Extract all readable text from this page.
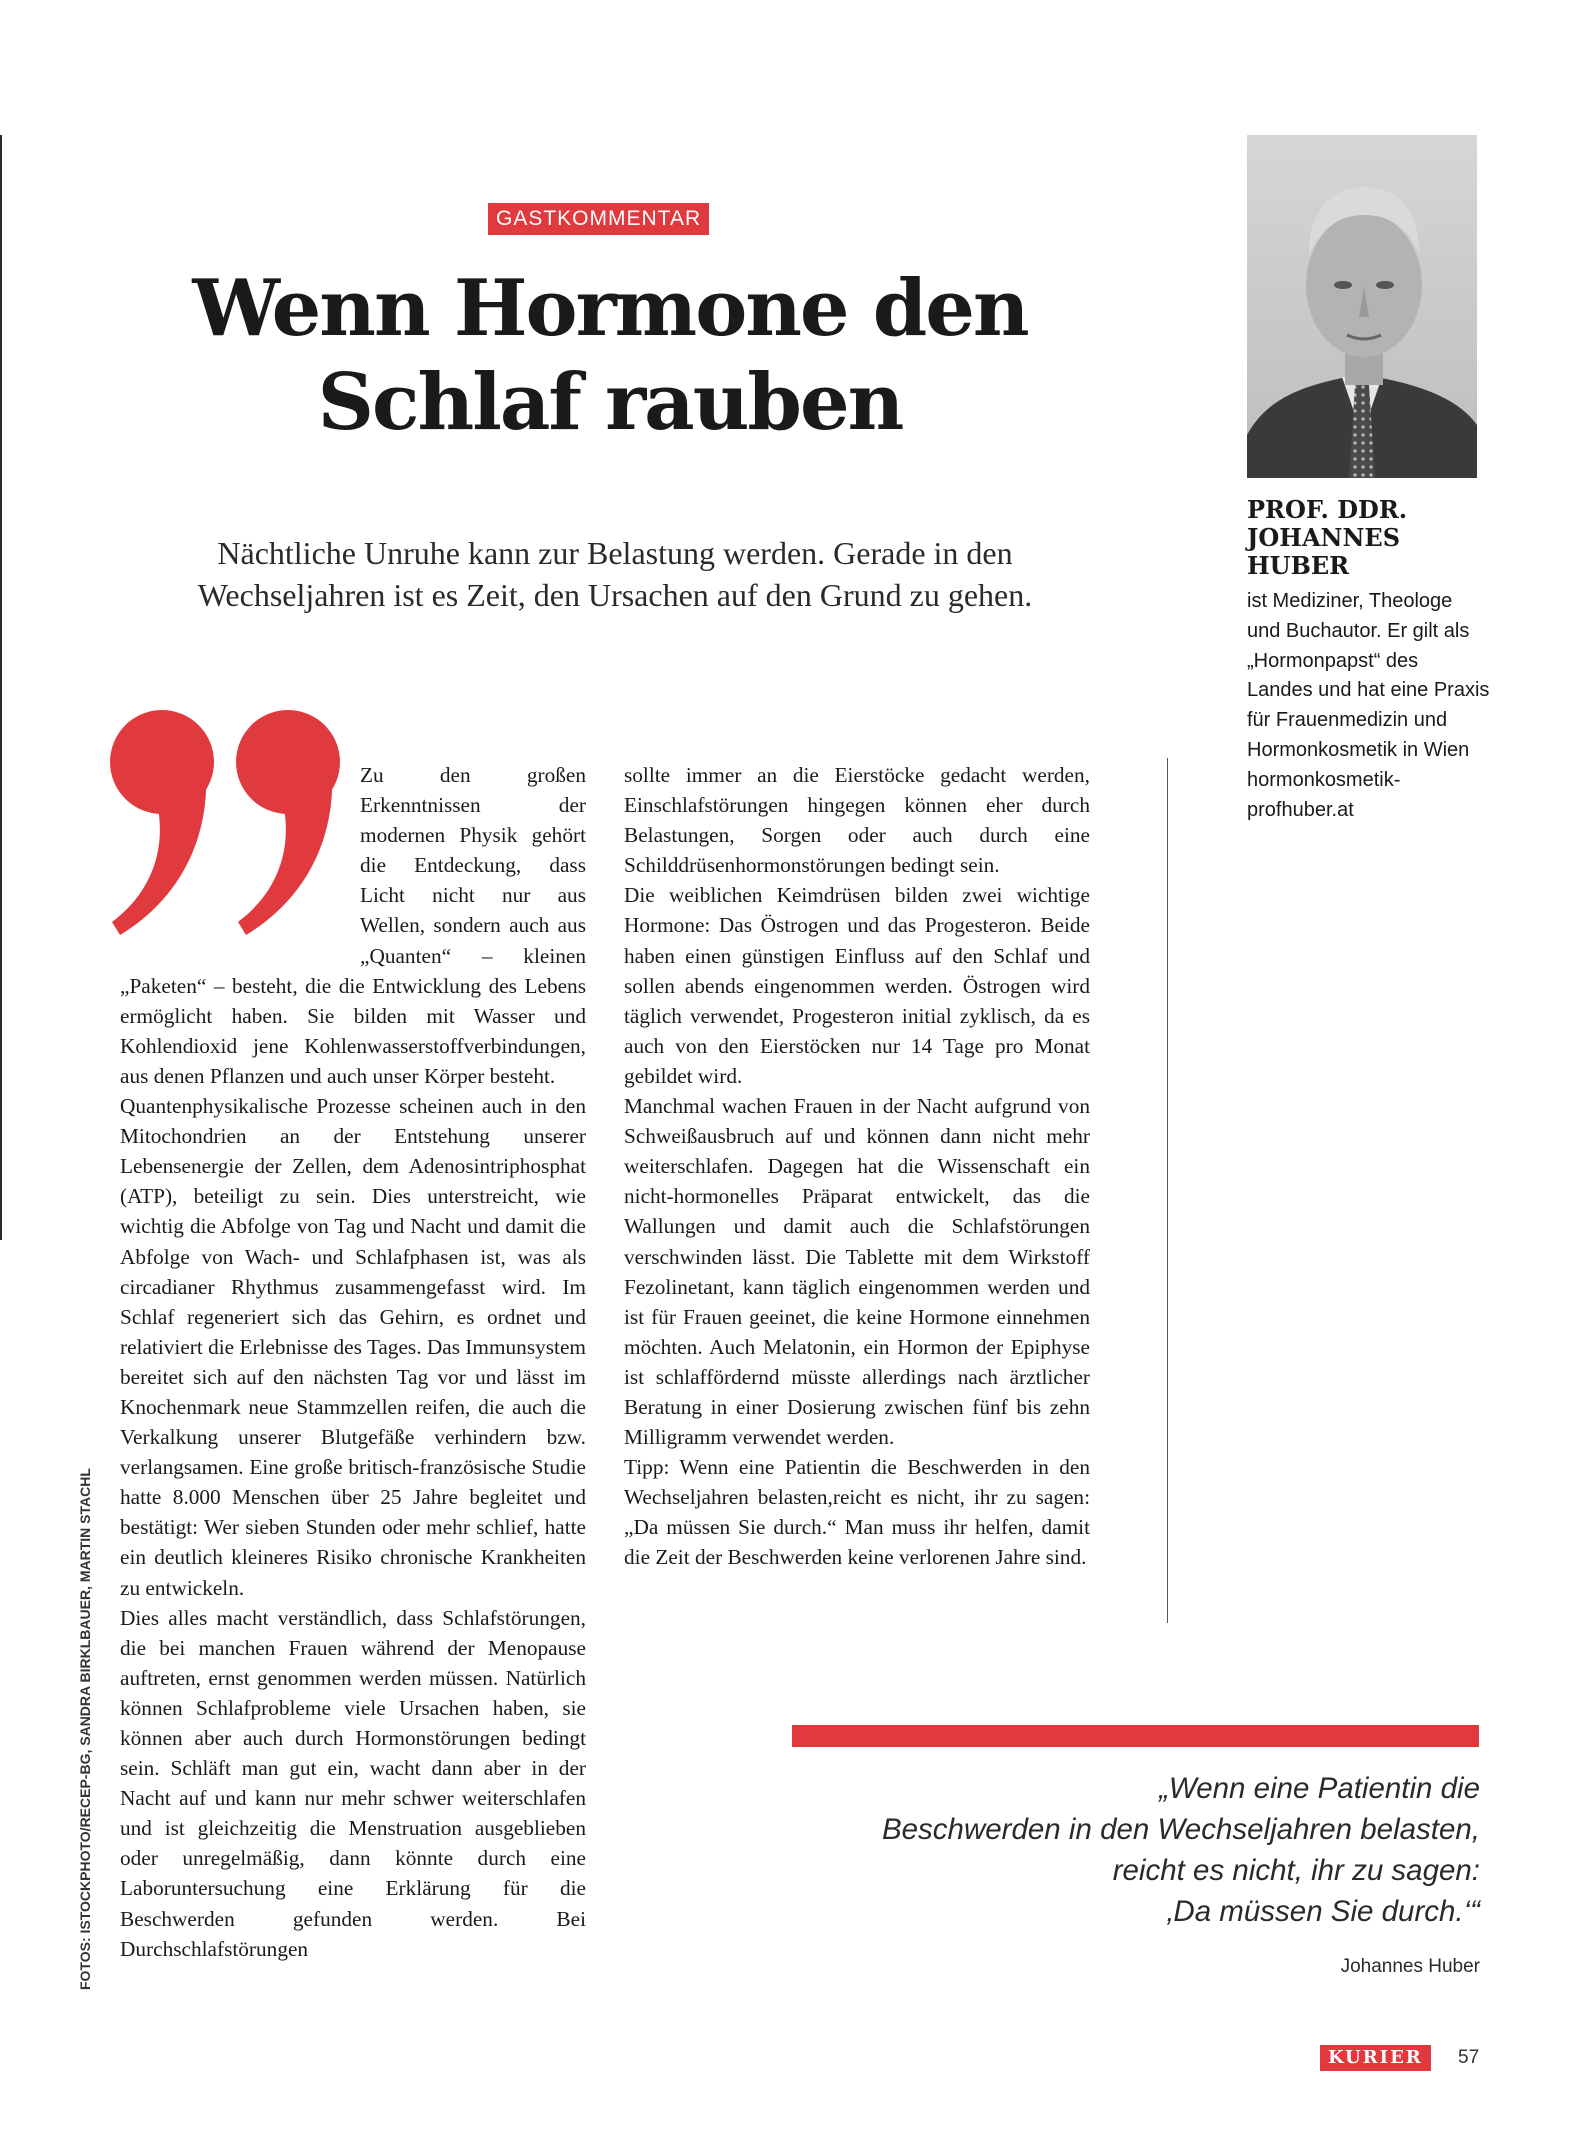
GASTKOMMENTAR
Wenn Hormone den Schlaf rauben
Nächtliche Unruhe kann zur Belastung werden. Gerade in den Wechseljahren ist es Zeit, den Ursachen auf den Grund zu gehen.

Zu den großen Erkenntnissen der modernen Physik gehört die Entdeckung, dass Licht nicht nur aus Wellen, sondern auch aus „Quanten“ – kleinen „Paketen“ – besteht, die die Entwicklung des Lebens ermöglicht haben. Sie bilden mit Wasser und Kohlendioxid jene Kohlenwasserstoffverbindungen, aus denen Pflanzen und auch unser Körper besteht.

Quantenphysikalische Prozesse scheinen auch in den Mitochondrien an der Entstehung unserer Lebensenergie der Zellen, dem Adenosintriphosphat (ATP), beteiligt zu sein. Dies unterstreicht, wie wichtig die Abfolge von Tag und Nacht und damit die Abfolge von Wach- und Schlafphasen ist, was als circadianer Rhythmus zusammengefasst wird. Im Schlaf regeneriert sich das Gehirn, es ordnet und relativiert die Erlebnisse des Tages. Das Immunsystem bereitet sich auf den nächsten Tag vor und lässt im Knochenmark neue Stammzellen reifen, die auch die Verkalkung unserer Blutgefäße verhindern bzw. verlangsamen. Eine große britisch-französische Studie hatte 8.000 Menschen über 25 Jahre begleitet und bestätigt: Wer sieben Stunden oder mehr schlief, hatte ein deutlich kleineres Risiko chronische Krankheiten zu entwickeln.

Dies alles macht verständlich, dass Schlafstörungen, die bei manchen Frauen während der Menopause auftreten, ernst genommen werden müssen. Natürlich können Schlafprobleme viele Ursachen haben, sie können aber auch durch Hormonstörungen bedingt sein. Schläft man gut ein, wacht dann aber in der Nacht auf und kann nur mehr schwer weiterschlafen und ist gleichzeitig die Menstruation ausgeblieben oder unregelmäßig, dann könnte durch eine Laboruntersuchung eine Erklärung für die Beschwerden gefunden werden. Bei Durchschlafstörungen

sollte immer an die Eierstöcke gedacht werden, Einschlafstörungen hingegen können eher durch Belastungen, Sorgen oder auch durch eine Schilddrüsenhormonstörungen bedingt sein.

Die weiblichen Keimdrüsen bilden zwei wichtige Hormone: Das Östrogen und das Progesteron. Beide haben einen günstigen Einfluss auf den Schlaf und sollen abends eingenommen werden. Östrogen wird täglich verwendet, Progesteron initial zyklisch, da es auch von den Eierstöcken nur 14 Tage pro Monat gebildet wird.

Manchmal wachen Frauen in der Nacht aufgrund von Schweißausbruch auf und können dann nicht mehr weiterschlafen. Dagegen hat die Wissenschaft ein nicht-hormonelles Präparat entwickelt, das die Wallungen und damit auch die Schlafstörungen verschwinden lässt. Die Tablette mit dem Wirkstoff Fezolinetant, kann täglich eingenommen werden und ist für Frauen geeinet, die keine Hormone einnehmen möchten. Auch Melatonin, ein Hormon der Epiphyse ist schlaffördernd müsste allerdings nach ärztlicher Beratung in einer Dosierung zwischen fünf bis zehn Milligramm verwendet werden.

Tipp: Wenn eine Patientin die Beschwerden in den Wechseljahren belasten,reicht es nicht, ihr zu sagen: „Da müssen Sie durch.“ Man muss ihr helfen, damit die Zeit der Beschwerden keine verlorenen Jahre sind.

PROF. DDR. JOHANNES HUBER
ist Mediziner, Theologe
und Buchautor. Er gilt als
„Hormonpapst“ des
Landes und hat eine Praxis
für Frauenmedizin und
Hormonkosmetik in Wien
hormonkosmetik-profhuber.at
„Wenn eine Patientin die
Beschwerden in den Wechseljahren belasten,
reicht es nicht, ihr zu sagen:
‚Da müssen Sie durch.‘“
Johannes Huber
FOTOS: ISTOCKPHOTO/RECEP-BG, SANDRA BIRKLBAUER, MARTIN STACHL
KURIER	57
